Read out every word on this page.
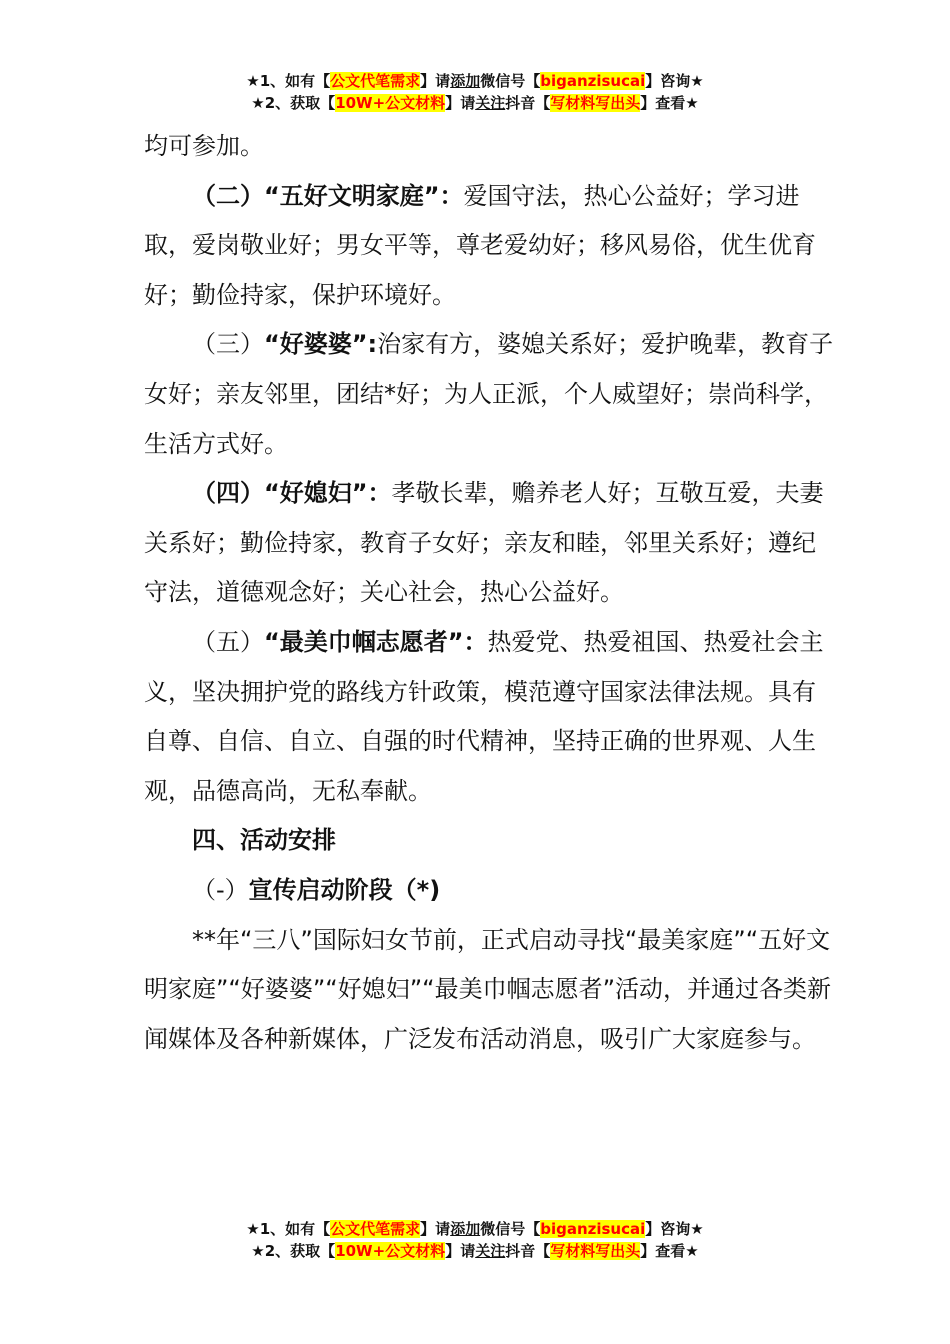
★1、如有【公文代笔需求】请添加微信号【biganzisucai】咨询★
★2、获取【10W+公文材料】请关注抖音【写材料写出头】查看★

均可参加。

（二）“五好文明家庭”：爱国守法，热心公益好；学习进取，爱岗敬业好；男女平等，尊老爱幼好；移风易俗，优生优育好；勤俭持家，保护环境好。

（三）“好婆婆”:治家有方，婆媳关系好；爱护晚辈，教育子女好；亲友邻里，团结*好；为人正派，个人威望好；崇尚科学，生活方式好。

（四）“好媳妇”：孝敬长辈，赡养老人好；互敬互爱，夫妻关系好；勤俭持家，教育子女好；亲友和睦，邻里关系好；遵纪守法，道德观念好；关心社会，热心公益好。

（五）“最美巾帼志愿者”：热爱党、热爱祖国、热爱社会主义，坚决拥护党的路线方针政策，模范遵守国家法律法规。具有自尊、自信、自立、自强的时代精神，坚持正确的世界观、人生观，品德高尚，无私奉献。

四、活动安排

（-）宣传启动阶段（*)

**年“三八”国际妇女节前，正式启动寻找“最美家庭”“五好文明家庭”“好婆婆”“好媳妇”“最美巾帼志愿者”活动，并通过各类新闻媒体及各种新媒体，广泛发布活动消息，吸引广大家庭参与。

★1、如有【公文代笔需求】请添加微信号【biganzisucai】咨询★
★2、获取【10W+公文材料】请关注抖音【写材料写出头】查看★
